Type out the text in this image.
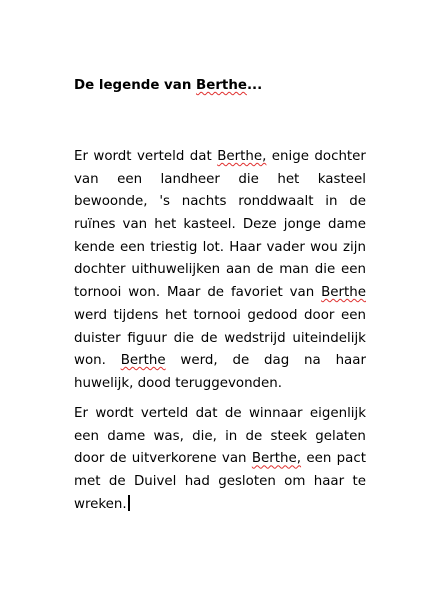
De legende van Berthe...
Er wordt verteld dat Berthe, enige dochter
van een landheer die het kasteel
bewoonde, 's nachts ronddwaalt in de
ruïnes van het kasteel. Deze jonge dame
kende een triestig lot. Haar vader wou zijn
dochter uithuwelijken aan de man die een
tornooi won. Maar de favoriet van Berthe
werd tijdens het tornooi gedood door een
duister figuur die de wedstrijd uiteindelijk
won. Berthe werd, de dag na haar
huwelijk, dood teruggevonden.
Er wordt verteld dat de winnaar eigenlijk
een dame was, die, in de steek gelaten
door de uitverkorene van Berthe, een pact
met de Duivel had gesloten om haar te
wreken.
